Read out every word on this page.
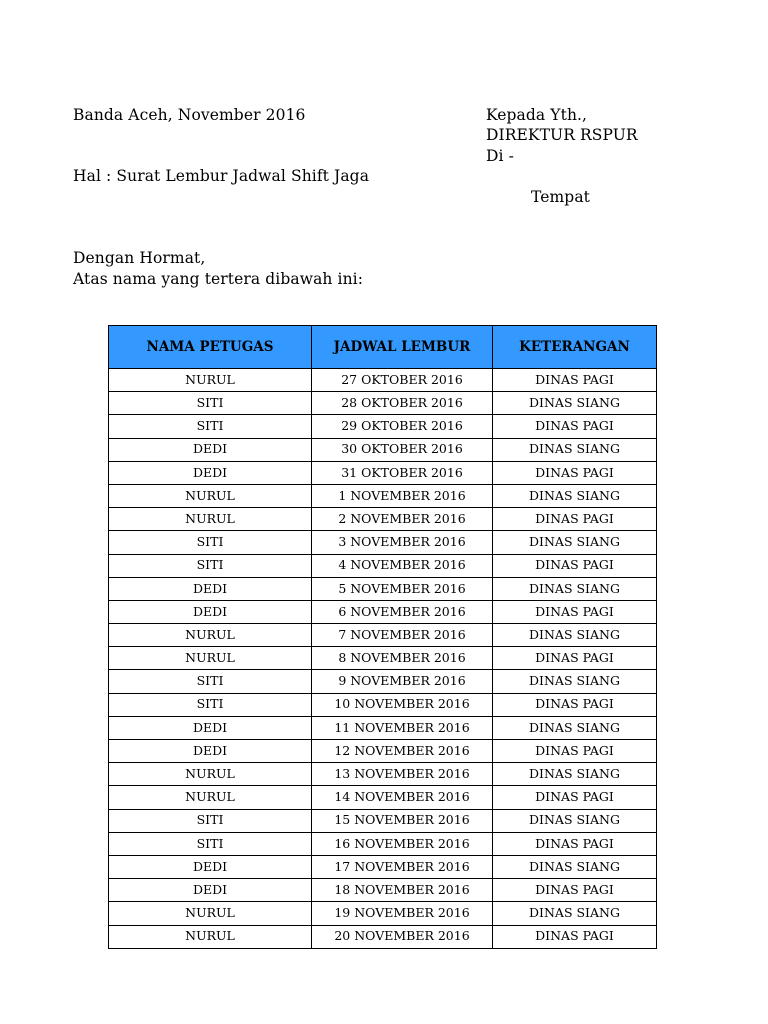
Banda Aceh, November 2016	Kepada Yth.,
DIREKTUR RSPUR
Di -
Hal : Surat Lembur Jadwal Shift Jaga
Tempat
Dengan Hormat,
Atas nama yang tertera dibawah ini:
NAMA PETUGAS	JADWAL LEMBUR	KETERANGAN
NURUL	27 OKTOBER 2016	DINAS PAGI
SITI	28 OKTOBER 2016	DINAS SIANG
SITI	29 OKTOBER 2016	DINAS PAGI
DEDI	30 OKTOBER 2016	DINAS SIANG
DEDI	31 OKTOBER 2016	DINAS PAGI
NURUL	1 NOVEMBER 2016	DINAS SIANG
NURUL	2 NOVEMBER 2016	DINAS PAGI
SITI	3 NOVEMBER 2016	DINAS SIANG
SITI	4 NOVEMBER 2016	DINAS PAGI
DEDI	5 NOVEMBER 2016	DINAS SIANG
DEDI	6 NOVEMBER 2016	DINAS PAGI
NURUL	7 NOVEMBER 2016	DINAS SIANG
NURUL	8 NOVEMBER 2016	DINAS PAGI
SITI	9 NOVEMBER 2016	DINAS SIANG
SITI	10 NOVEMBER 2016	DINAS PAGI
DEDI	11 NOVEMBER 2016	DINAS SIANG
DEDI	12 NOVEMBER 2016	DINAS PAGI
NURUL	13 NOVEMBER 2016	DINAS SIANG
NURUL	14 NOVEMBER 2016	DINAS PAGI
SITI	15 NOVEMBER 2016	DINAS SIANG
SITI	16 NOVEMBER 2016	DINAS PAGI
DEDI	17 NOVEMBER 2016	DINAS SIANG
DEDI	18 NOVEMBER 2016	DINAS PAGI
NURUL	19 NOVEMBER 2016	DINAS SIANG
NURUL	20 NOVEMBER 2016	DINAS PAGI
